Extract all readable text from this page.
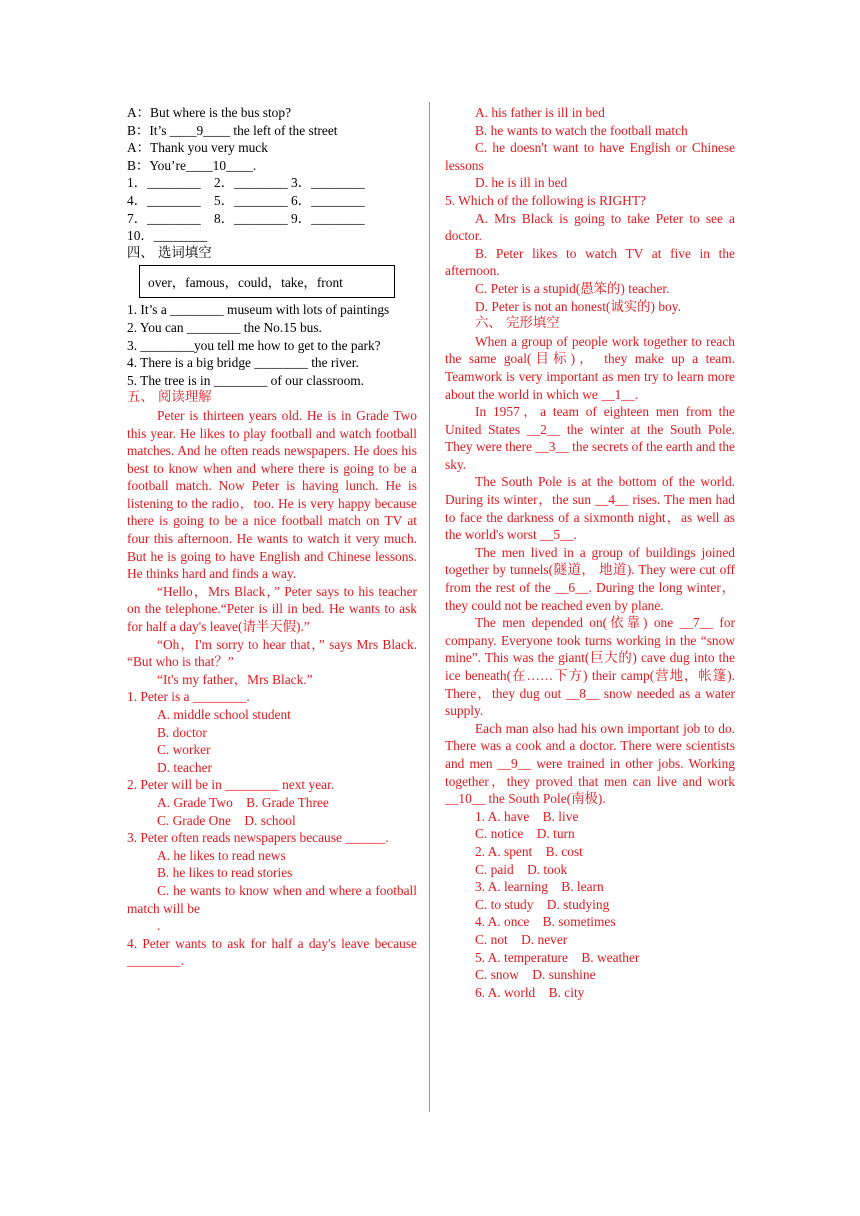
A：But where is the bus stop?

B：It’s ____9____ the left of the street

A：Thank you very muck

B：You’re____10____.

1．________    2．________ 3．________

4．________    5．________ 6．________

7．________    8．________ 9．________

10．________

四、 选词填空

over，famous，could，take，front

1. It’s a ________ museum with lots of paintings

2. You can ________ the No.15 bus.

3. ________you tell me how to get to the park?

4. There is a big bridge ________ the river.

5. The tree is in ________ of our classroom.

五、 阅读理解

Peter is thirteen years old. He is in Grade Two this year. He likes to play football and watch football matches. And he often reads newspapers. He does his best to know when and where there is going to be a football match. Now Peter is having lunch. He is listening to the radio，too. He is very happy because there is going to be a nice football match on TV at four this afternoon. He wants to watch it very much. But he is going to have English and Chinese lessons. He thinks hard and finds a way.

“Hello，Mrs Black，” Peter says to his teacher on the telephone.“Peter is ill in bed. He wants to ask for half a day's leave(请半天假).”

“Oh，I'm sorry to hear that，” says Mrs Black. “But who is that？”

“It's my father，Mrs Black.”

1. Peter is a ________.

A. middle school student

B. doctor

C. worker

D. teacher

2. Peter will be in ________ next year.

A. Grade Two    B. Grade Three

C. Grade One    D. school

3. Peter often reads newspapers because ______.

A. he likes to read news

B. he likes to read stories

C. he wants to know when and where a football match will be

.

4. Peter wants to ask for half a day's leave because ________.

A. his father is ill in bed

B. he wants to watch the football match

C. he doesn't want to have English or Chinese lessons

D. he is ill in bed

5. Which of the following is RIGHT?

A. Mrs Black is going to take Peter to see a doctor.

B. Peter likes to watch TV at five in the afternoon.

C. Peter is a stupid(愚笨的) teacher.

D. Peter is not an honest(诚实的) boy.

六、 完形填空

When a group of people work together to reach the same goal(目标)， they make up a team. Teamwork is very important as men try to learn more about the world in which we __1__.

In 1957，a team of eighteen men from the United States __2__ the winter at the South Pole. They were there __3__ the secrets of the earth and the sky.

The South Pole is at the bottom of the world. During its winter，the sun __4__ rises. The men had to face the darkness of a sixmonth night，as well as the world's worst __5__.

The men lived in a group of buildings joined together by tunnels(隧道， 地道). They were cut off from the rest of the __6__. During the long winter，they could not be reached even by plane.

The men depended on(依靠) one __7__ for company. Everyone took turns working in the “snow mine”. This was the giant(巨大的) cave dug into the ice beneath(在……下方) their camp(营地，帐篷). There，they dug out __8__ snow needed as a water supply.

Each man also had his own important job to do. There was a cook and a doctor. There were scientists and men __9__ were trained in other jobs. Working together，they proved that men can live and work __10__ the South Pole(南极).

1. A. have    B. live

C. notice    D. turn

2. A. spent    B. cost

C. paid    D. took

3. A. learning    B. learn

C. to study    D. studying

4. A. once    B. sometimes

C. not    D. never

5. A. temperature    B. weather

C. snow    D. sunshine

6. A. world    B. city
